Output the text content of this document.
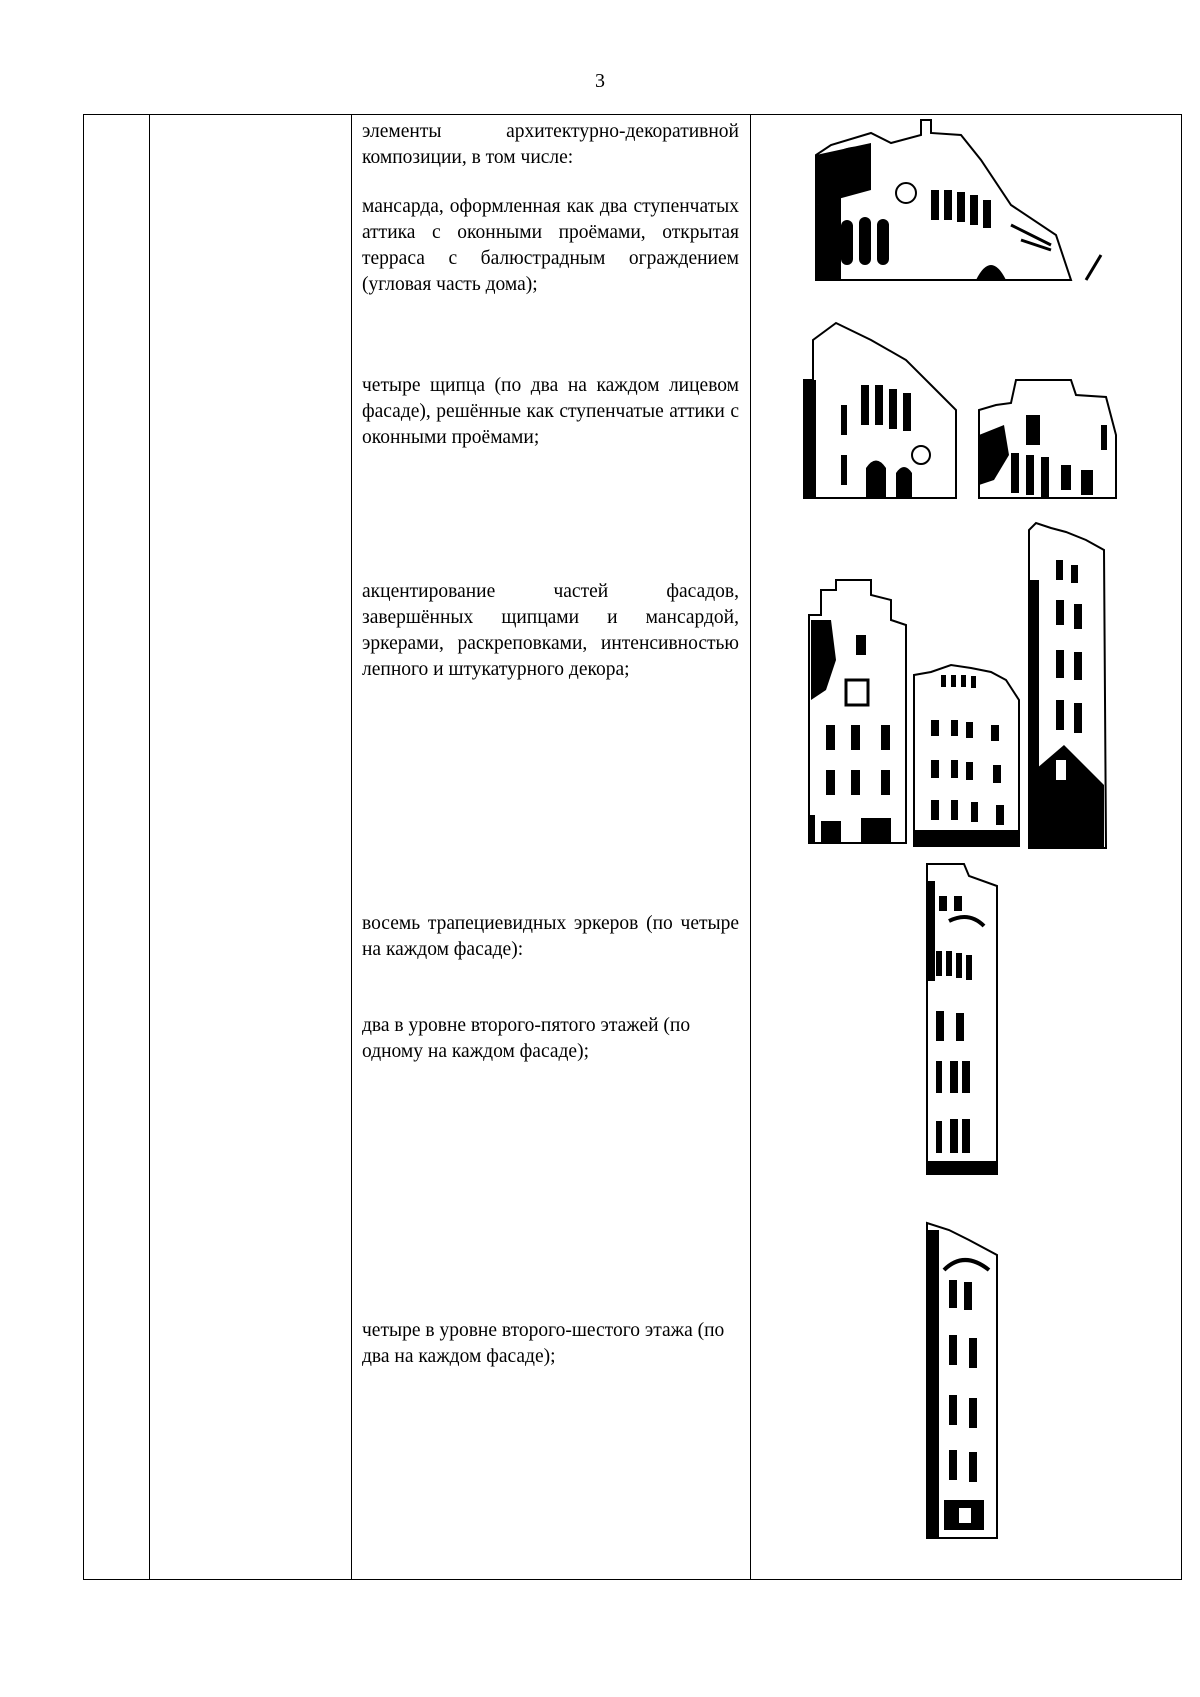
3

элементы архитектурно-декоративной композиции, в том числе:
мансарда, оформленная как два ступенчатых аттика с оконными проёмами, открытая терраса с балюстрадным ограждением (угловая часть дома);
четыре щипца (по два на каждом лицевом фасаде), решённые как ступенчатые аттики с оконными проёмами;
акцентирование частей фасадов, завершённых щипцами и мансардой, эркерами, раскреповками, интенсивностью лепного и штукатурного декора;
восемь трапециевидных эркеров (по четыре на каждом фасаде):
два в уровне второго-пятого этажей (по одному на каждом фасаде);
четыре в уровне второго-шестого этажа (по два на каждом фасаде);
